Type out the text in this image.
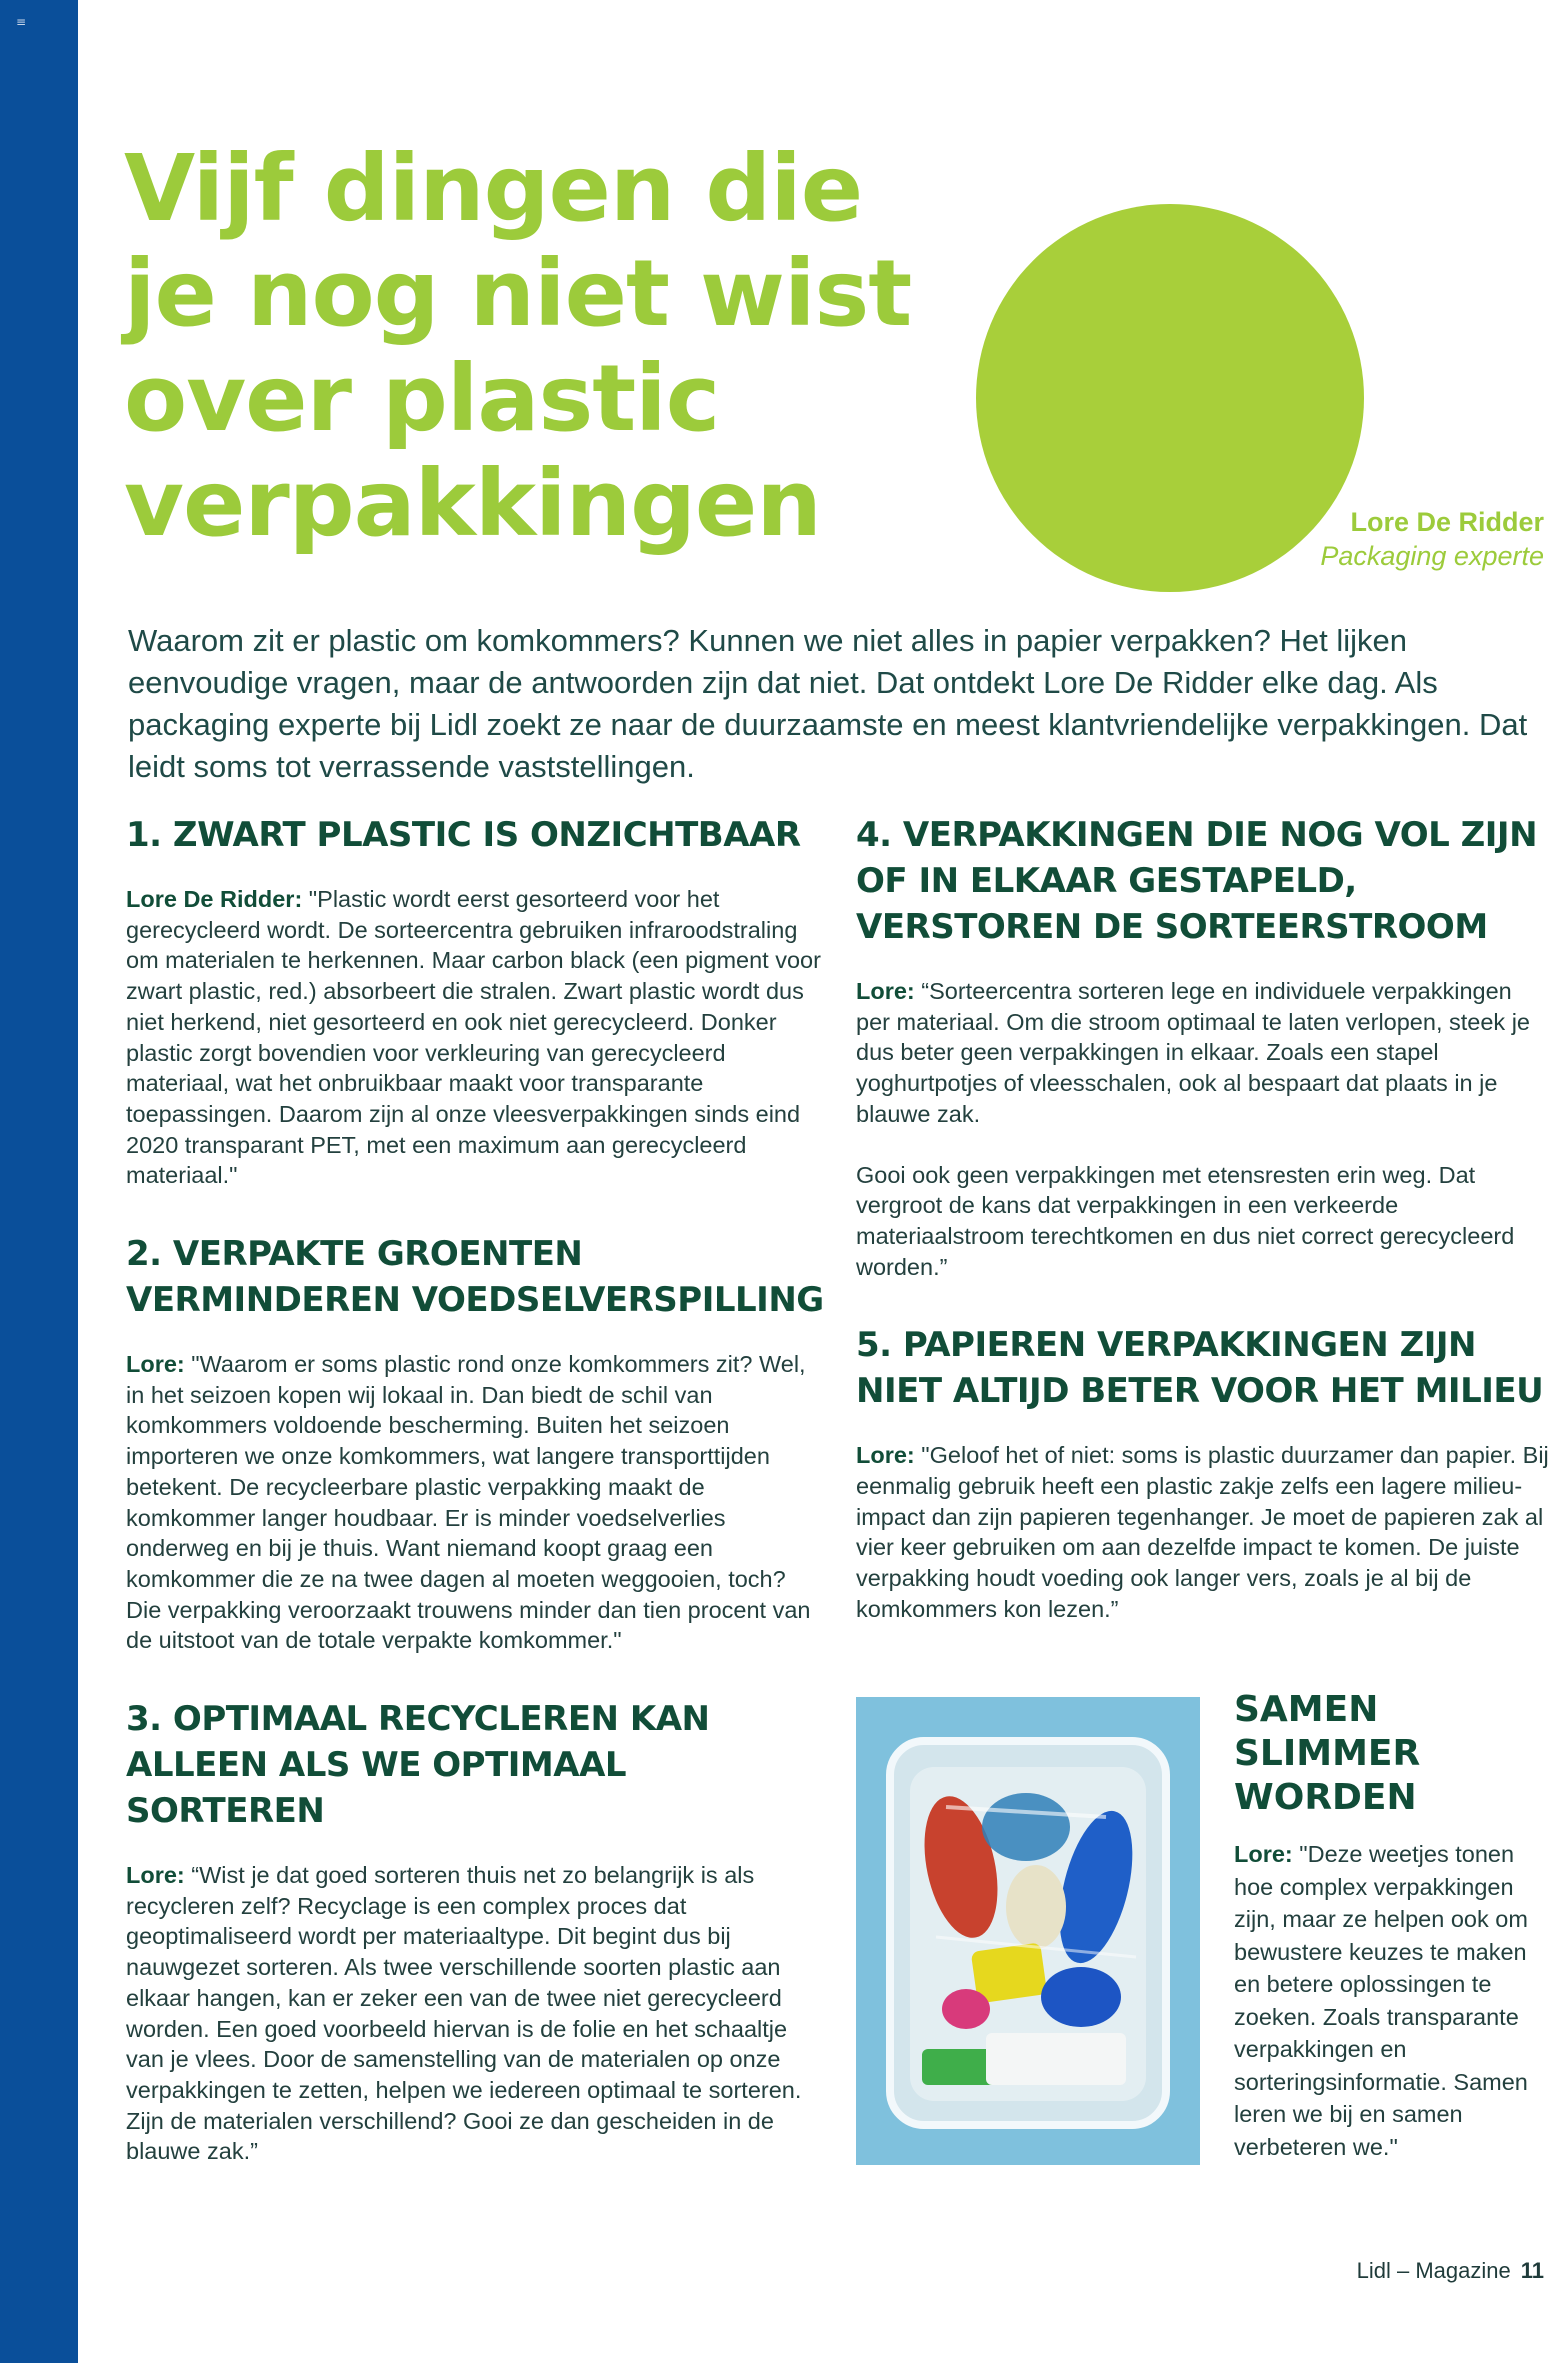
≡
Vijf dingen die
je nog niet wist
over plastic
verpakkingen	Lore De Ridder
Packaging experte

Waarom zit er plastic om komkommers? Kunnen we niet alles in papier verpakken? Het lijken eenvoudige vragen, maar de antwoorden zijn dat niet. Dat ontdekt Lore De Ridder elke dag. Als packaging experte bij Lidl zoekt ze naar de duurzaamste en meest klantvriendelijke verpakkingen. Dat leidt soms tot verrassende vaststellingen.

1. ZWART PLASTIC IS ONZICHTBAAR

Lore De Ridder: "Plastic wordt eerst gesorteerd voor het gerecycleerd wordt. De sorteercentra gebruiken infraroodstraling om materialen te herkennen. Maar carbon black (een pigment voor zwart plastic, red.) absorbeert die stralen. Zwart plastic wordt dus niet herkend, niet gesorteerd en ook niet gerecycleerd. Donker plastic zorgt bovendien voor verkleuring van gerecycleerd materiaal, wat het onbruikbaar maakt voor transparante toepassingen. Daarom zijn al onze vleesverpakkingen sinds eind 2020 transparant PET, met een maximum aan gerecycleerd materiaal."

2. VERPAKTE GROENTEN VERMINDEREN VOEDSELVERSPILLING

Lore: "Waarom er soms plastic rond onze komkommers zit? Wel, in het seizoen kopen wij lokaal in. Dan biedt de schil van komkommers voldoende bescherming. Buiten het seizoen importeren we onze komkommers, wat langere transporttijden betekent. De recycleerbare plastic verpakking maakt de komkommer langer houdbaar. Er is minder voedselverlies onderweg en bij je thuis. Want niemand koopt graag een komkommer die ze na twee dagen al moeten weggooien, toch? Die verpakking veroorzaakt trouwens minder dan tien procent van de uitstoot van de totale verpakte komkommer."

3. OPTIMAAL RECYCLEREN KAN ALLEEN ALS WE OPTIMAAL SORTEREN

Lore: “Wist je dat goed sorteren thuis net zo belangrijk is als recycleren zelf? Recyclage is een complex proces dat geoptimaliseerd wordt per materiaaltype. Dit begint dus bij nauwgezet sorteren. Als twee verschillende soorten plastic aan elkaar hangen, kan er zeker een van de twee niet gerecycleerd worden. Een goed voorbeeld hiervan is de folie en het schaaltje van je vlees. Door de samenstelling van de materialen op onze verpakkingen te zetten, helpen we iedereen optimaal te sorteren. Zijn de materialen verschillend? Gooi ze dan gescheiden in de blauwe zak.”

4. VERPAKKINGEN DIE NOG VOL ZIJN OF IN ELKAAR GESTAPELD, VERSTOREN DE SORTEERSTROOM

Lore: “Sorteercentra sorteren lege en individuele verpakkingen per materiaal. Om die stroom optimaal te laten verlopen, steek je dus beter geen verpakkingen in elkaar. Zoals een stapel yoghurtpotjes of vleesschalen, ook al bespaart dat plaats in je blauwe zak.

Gooi ook geen verpakkingen met etensresten erin weg. Dat vergroot de kans dat verpakkingen in een verkeerde materiaalstroom terechtkomen en dus niet correct gerecycleerd worden.”

5. PAPIEREN VERPAKKINGEN ZIJN NIET ALTIJD BETER VOOR HET MILIEU

Lore: "Geloof het of niet: soms is plastic duurzamer dan papier. Bij eenmalig gebruik heeft een plastic zakje zelfs een lagere milieu-impact dan zijn papieren tegenhanger. Je moet de papieren zak al vier keer gebruiken om aan dezelfde impact te komen. De juiste verpakking houdt voeding ook langer vers, zoals je al bij de komkommers kon lezen.”

SAMEN
SLIMMER
WORDEN

Lore: "Deze weetjes tonen hoe complex verpakkingen zijn, maar ze helpen ook om bewustere keuzes te maken en betere oplossingen te zoeken. Zoals transparante verpakkingen en sorteringsinformatie. Samen leren we bij en samen verbeteren we."

Lidl – Magazine 11
